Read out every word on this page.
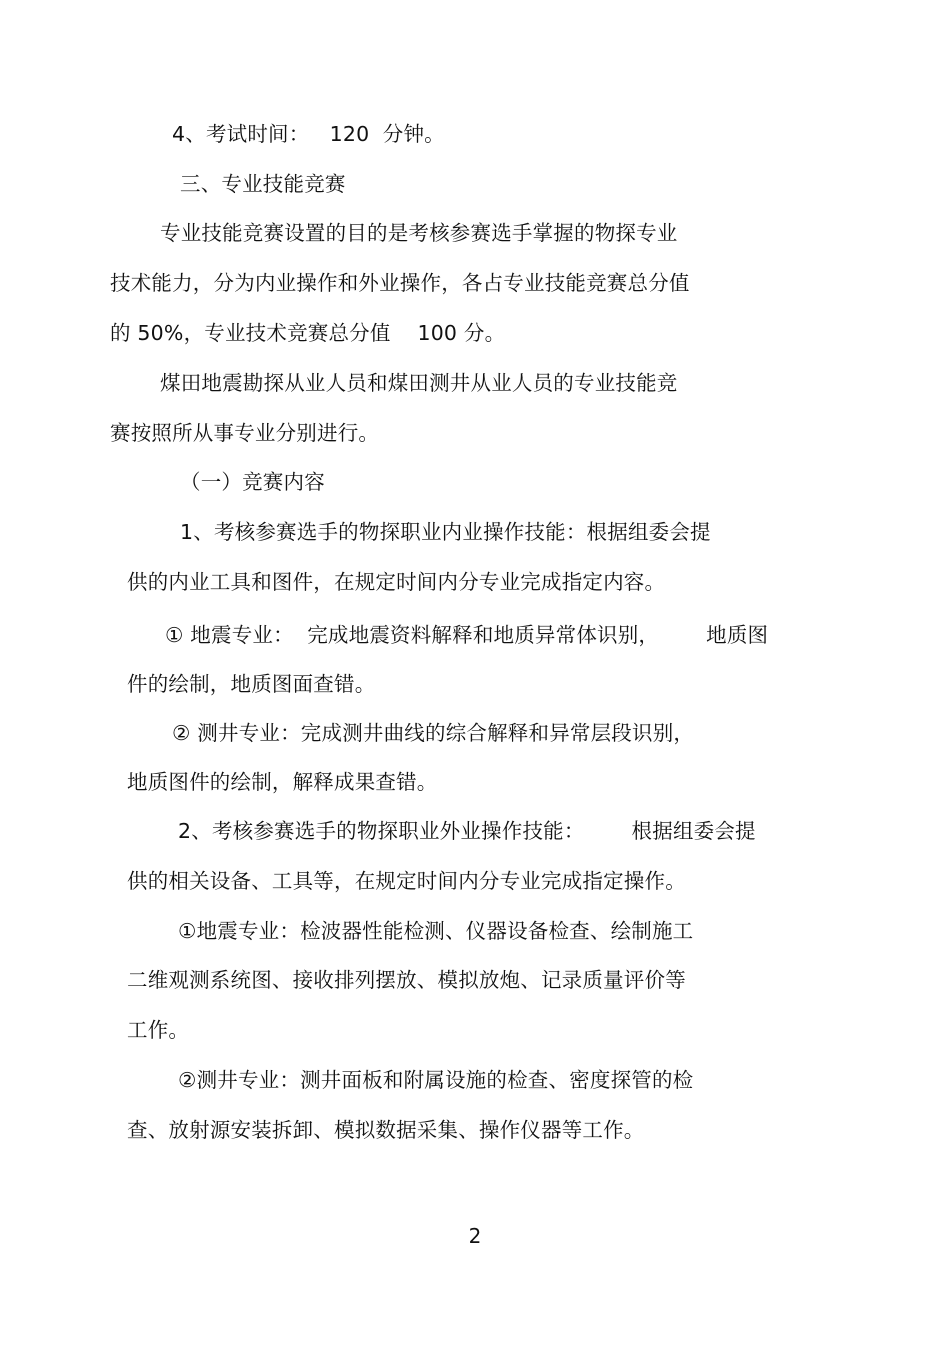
4、考试时间：   120  分钟。
三、专业技能竞赛
专业技能竞赛设置的目的是考核参赛选手掌握的物探专业
技术能力，分为内业操作和外业操作，各占专业技能竞赛总分值
的 50%，专业技术竞赛总分值    100 分。
煤田地震勘探从业人员和煤田测井从业人员的专业技能竞
赛按照所从事专业分别进行。
（一）竞赛内容
1、考核参赛选手的物探职业内业操作技能：根据组委会提
供的内业工具和图件，在规定时间内分专业完成指定内容。
① 地震专业：  完成地震资料解释和地质异常体识别，       地质图
件的绘制，地质图面查错。
② 测井专业：完成测井曲线的综合解释和异常层段识别，
地质图件的绘制，解释成果查错。
2、考核参赛选手的物探职业外业操作技能：       根据组委会提
供的相关设备、工具等，在规定时间内分专业完成指定操作。
①地震专业：检波器性能检测、仪器设备检查、绘制施工
二维观测系统图、接收排列摆放、模拟放炮、记录质量评价等
工作。
②测井专业：测井面板和附属设施的检查、密度探管的检
查、放射源安装拆卸、模拟数据采集、操作仪器等工作。
2
